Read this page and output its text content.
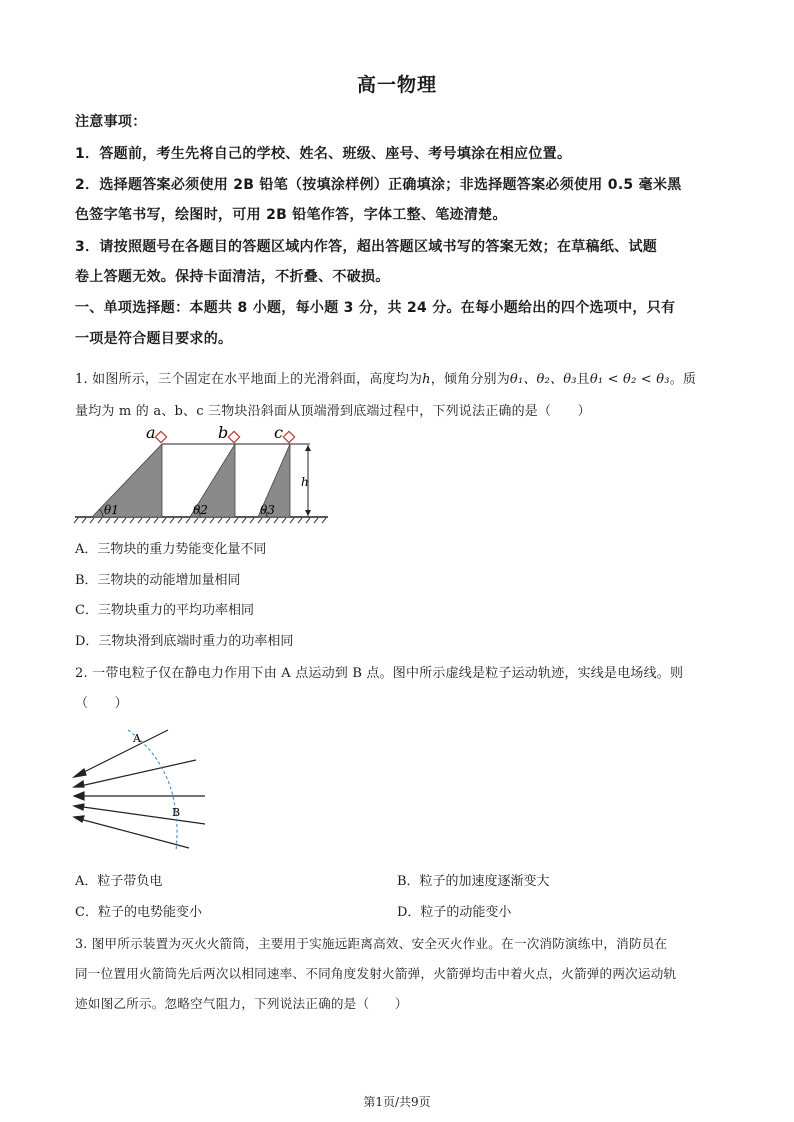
高一物理
注意事项：
1．答题前，考生先将自己的学校、姓名、班级、座号、考号填涂在相应位置。
2．选择题答案必须使用 2B 铅笔（按填涂样例）正确填涂；非选择题答案必须使用 0.5 毫米黑
色签字笔书写，绘图时，可用 2B 铅笔作答，字体工整、笔迹清楚。
3．请按照题号在各题目的答题区域内作答，超出答题区域书写的答案无效；在草稿纸、试题
卷上答题无效。保持卡面清洁，不折叠、不破损。
一、单项选择题：本题共 8 小题，每小题 3 分，共 24 分。在每小题给出的四个选项中，只有
一项是符合题目要求的。
1. 如图所示，三个固定在水平地面上的光滑斜面，高度均为h，倾角分别为θ₁、θ₂、θ₃且θ₁ < θ₂ < θ₃。质
量均为 m 的 a、b、c 三物块沿斜面从顶端滑到底端过程中，下列说法正确的是（　　）
a	b	c
h
θ1	θ2	θ3
A．三物块的重力势能变化量不同
B．三物块的动能增加量相同
C．三物块重力的平均功率相同
D．三物块滑到底端时重力的功率相同
2. 一带电粒子仅在静电力作用下由 A 点运动到 B 点。图中所示虚线是粒子运动轨迹，实线是电场线。则
（　　）
A
B
A．粒子带负电	B．粒子的加速度逐渐变大
C．粒子的电势能变小	D．粒子的动能变小
3. 图甲所示装置为灭火火箭筒，主要用于实施远距离高效、安全灭火作业。在一次消防演练中，消防员在
同一位置用火箭筒先后两次以相同速率、不同角度发射火箭弹，火箭弹均击中着火点，火箭弹的两次运动轨
迹如图乙所示。忽略空气阻力，下列说法正确的是（　　）
第1页/共9页
